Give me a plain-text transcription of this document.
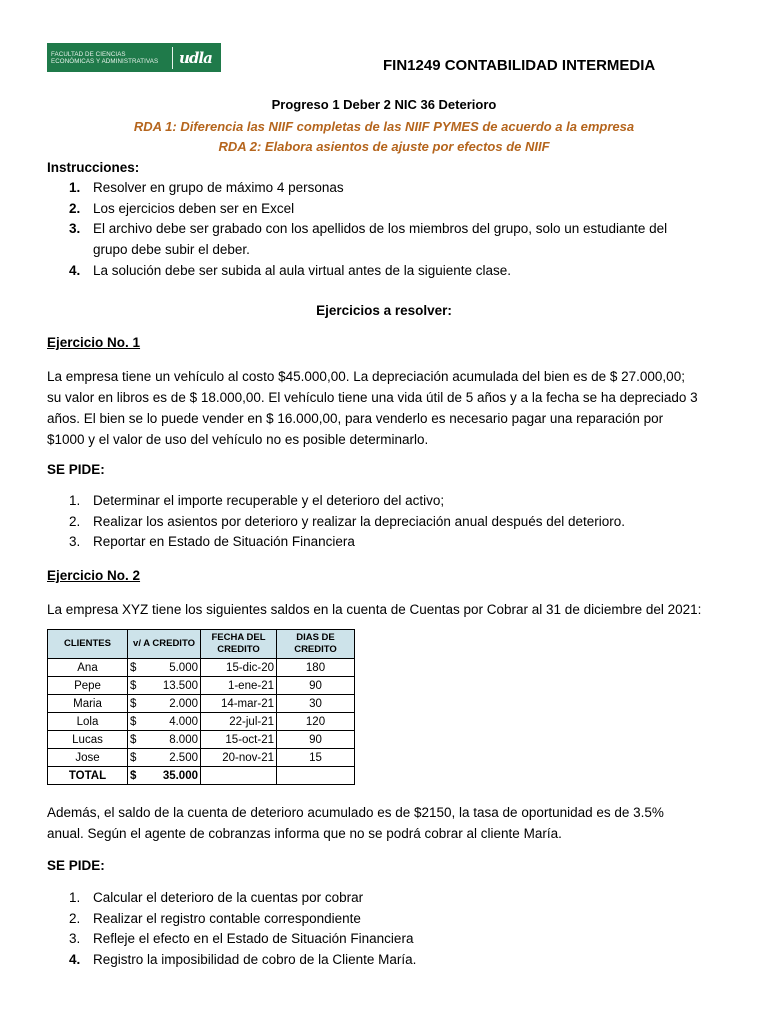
FACULTAD DE CIENCIAS ECONÓMICAS Y ADMINISTRATIVAS	udla	FIN1249 CONTABILIDAD INTERMEDIA
Progreso 1 Deber 2 NIC 36 Deterioro
RDA 1: Diferencia las NIIF completas de las NIIF PYMES de acuerdo a la empresa
RDA 2: Elabora asientos de ajuste por efectos de NIIF
Instrucciones:
1. Resolver en grupo de máximo 4 personas
2. Los ejercicios deben ser en Excel
3. El archivo debe ser grabado con los apellidos de los miembros del grupo, solo un estudiante del
grupo debe subir el deber.
4. La solución debe ser subida al aula virtual antes de la siguiente clase.
Ejercicios a resolver:
Ejercicio No. 1
La empresa tiene un vehículo al costo $45.000,00. La depreciación acumulada del bien es de $ 27.000,00;
su valor en libros es de $ 18.000,00. El vehículo tiene una vida útil de 5 años y a la fecha se ha depreciado 3
años. El bien se lo puede vender en $ 16.000,00, para venderlo es necesario pagar una reparación por
$1000 y el valor de uso del vehículo no es posible determinarlo.
SE PIDE:
1. Determinar el importe recuperable y el deterioro del activo;
2. Realizar los asientos por deterioro y realizar la depreciación anual después del deterioro.
3. Reportar en Estado de Situación Financiera
Ejercicio No. 2
La empresa XYZ tiene los siguientes saldos en la cuenta de Cuentas por Cobrar al 31 de diciembre del 2021:
CLIENTES	v/ A CREDITO	FECHA DEL CREDITO	DIAS DE CREDITO
Ana	$ 5.000	15-dic-20	180
Pepe	$ 13.500	1-ene-21	90
Maria	$ 2.000	14-mar-21	30
Lola	$ 4.000	22-jul-21	120
Lucas	$ 8.000	15-oct-21	90
Jose	$ 2.500	20-nov-21	15
TOTAL	$ 35.000		

Además, el saldo de la cuenta de deterioro acumulado es de $2150, la tasa de oportunidad es de 3.5%
anual. Según el agente de cobranzas informa que no se podrá cobrar al cliente María.
SE PIDE:
1. Calcular el deterioro de la cuentas por cobrar
2. Realizar el registro contable correspondiente
3. Refleje el efecto en el Estado de Situación Financiera
4. Registro la imposibilidad de cobro de la Cliente María.
